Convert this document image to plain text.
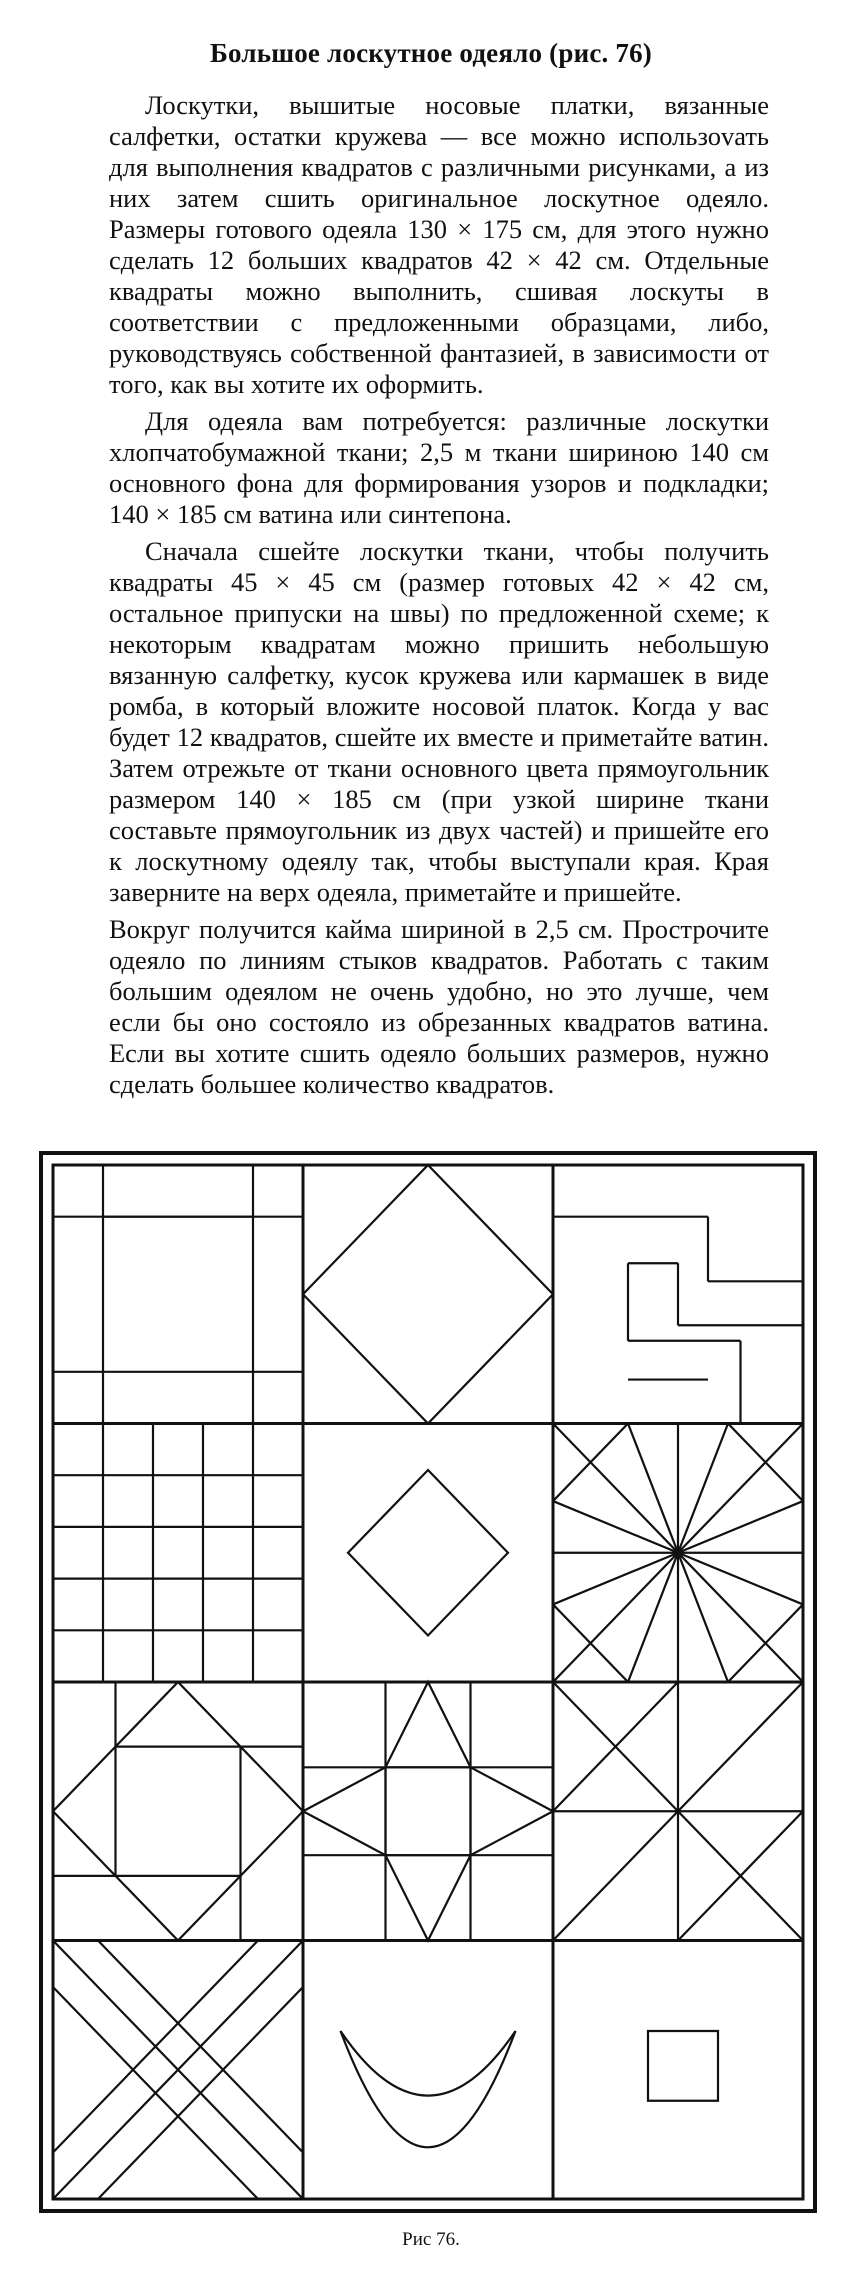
Большое лоскутное одеяло (рис. 76)

Лоскутки, вышитые носовые платки, вязанные салфетки, остатки кружева — все можно использоvать для выполнения квадратов с различными рисунками, а из них затем сшить оригинальное лоскутное одеяло. Размеры готового одеяла 130 × 175 см, для этого нужно сделать 12 больших квадратов 42 × 42 см. Отдельные квадраты можно выполнить, сшивая лоскуты в соответствии с предложенными образцами, либо, руководствуясь собственной фантазией, в зависимости от того, как вы хотите их оформить.

Для одеяла вам потребуется: различные лоскутки хлопчатобумажной ткани; 2,5 м ткани шириною 140 см основного фона для формирования узоров и подкладки; 140 × 185 см ватина или синтепона.

Сначала сшейте лоскутки ткани, чтобы получить квадраты 45 × 45 см (размер готовых 42 × 42 см, остальное припуски на швы) по предложенной схеме; к некоторым квадратам можно пришить небольшую вязанную салфетку, кусок кружева или кармашек в виде ромба, в который вложите носовой платок. Когда у вас будет 12 квадратов, сшейте их вместе и приметайте ватин. Затем отрежьте от ткани основного цвета прямоугольник размером 140 × 185 см (при узкой ширине ткани составьте прямоугольник из двух частей) и пришейте его к лоскутному одеялу так, чтобы выступали края. Края заверните на верх одеяла, приметайте и пришейте.

Вокруг получится кайма шириной в 2,5 см. Прострочите одеяло по линиям стыков квадратов. Работать с таким большим одеялом не очень удобно, но это лучше, чем если бы оно состояло из обрезанных квадратов ватина. Если вы хотите сшить одеяло больших размеров, нужно сделать большее количество квадратов.

Рис 76.
